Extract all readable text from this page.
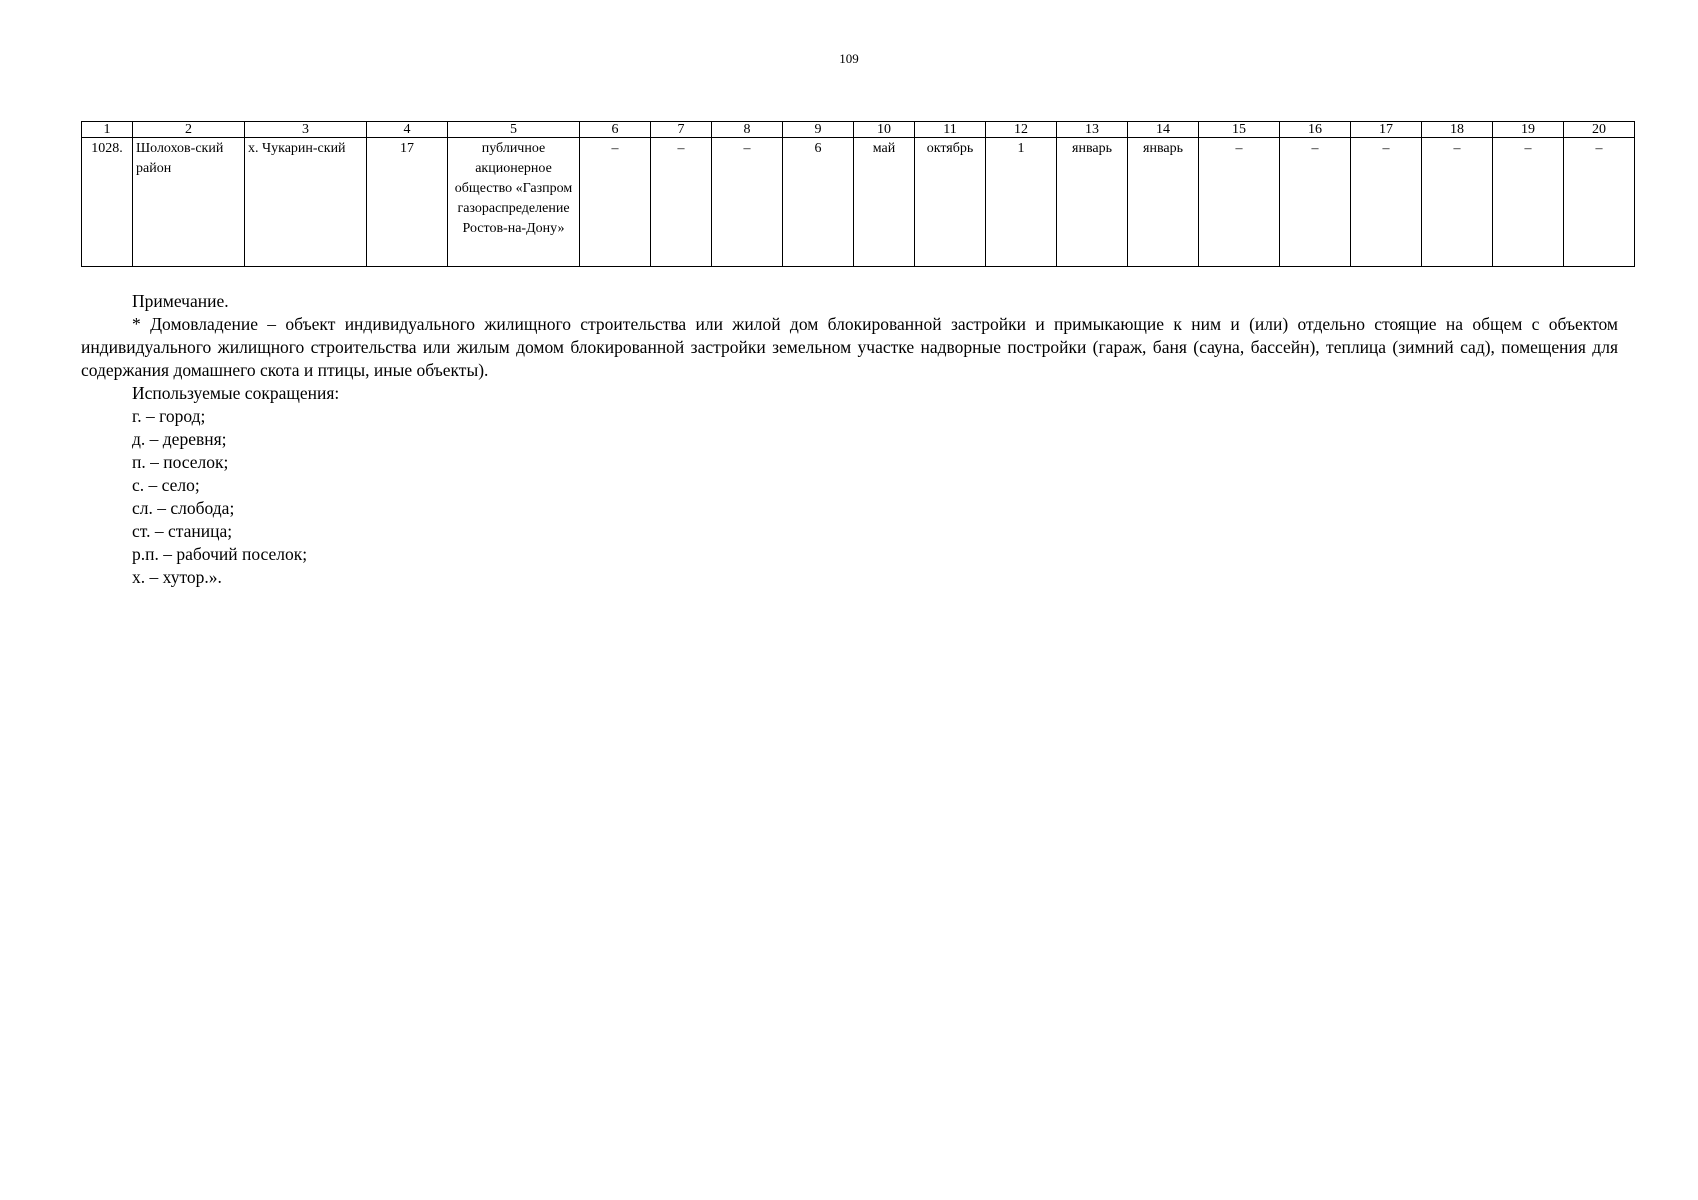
109
1	2	3	4	5	6	7	8	9	10	11	12	13	14	15	16	17	18	19	20
1028.	Шолохов-ский район	х. Чукарин-ский	17	публичное акционерное общество «Газпром газораспределение Ростов-на-Дону»	–	–	–	6	май	октябрь	1	январь	январь	–	–	–	–	–	–

Примечание.

* Домовладение – объект индивидуального жилищного строительства или жилой дом блокированной застройки и примыкающие к ним и (или) отдельно стоящие на общем с объектом индивидуального жилищного строительства или жилым домом блокированной застройки земельном участке надворные постройки (гараж, баня (сауна, бассейн), теплица (зимний сад), помещения для содержания домашнего скота и птицы, иные объекты).

Используемые сокращения:

г. – город;

д. – деревня;

п. – поселок;

с. – село;

сл. – слобода;

ст. – станица;

р.п. – рабочий поселок;

х. – хутор.».
